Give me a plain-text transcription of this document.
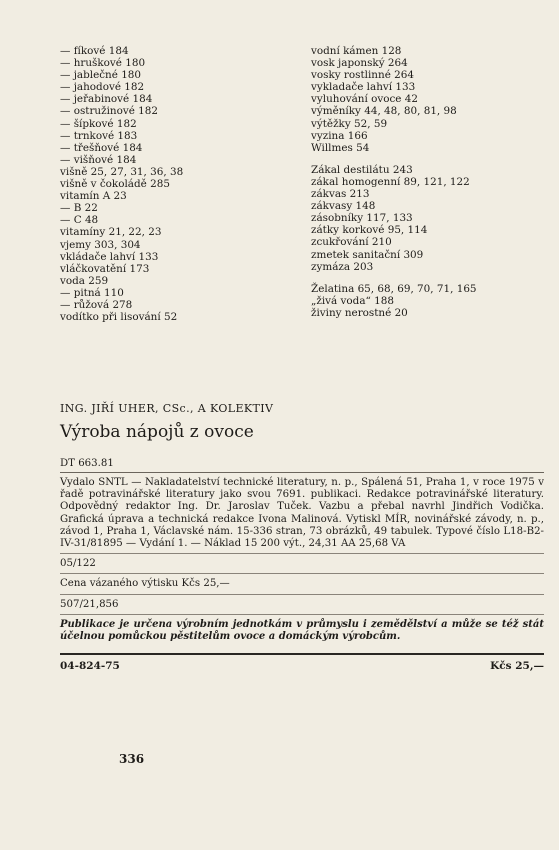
— fíkové 184
— hruškové 180
— jablečné 180
— jahodové 182
— jeřabinové 184
— ostružinové 182
— šípkové 182
— trnkové 183
— třešňové 184
— višňové 184
višně 25, 27, 31, 36, 38
višně v čokoládě 285
vitamín A 23
— B 22
— C 48
vitamíny 21, 22, 23
vjemy 303, 304
vkládače lahví 133
vláčkovatění 173
voda 259
— pitná 110
— růžová 278
vodítko při lisování 52
vodní kámen 128
vosk japonský 264
vosky rostlinné 264
vykladače lahví 133
vyluhování ovoce 42
výměníky 44, 48, 80, 81, 98
výtěžky 52, 59
vyzina 166
Willmes 54
Zákal destilátu 243
zákal homogenní 89, 121, 122
zákvas 213
zákvasy 148
zásobníky 117, 133
zátky korkové 95, 114
zcukřování 210
zmetek sanitační 309
zymáza 203
Želatina 65, 68, 69, 70, 71, 165
„živá voda“ 188
živiny nerostné 20
ING. JIŘÍ UHER, CSc., A KOLEKTIV
Výroba nápojů z ovoce
DT 663.81
Vydalo SNTL — Nakladatelství technické literatury, n. p., Spálená 51, Praha 1, v roce 1975 v řadě potravinářské literatury jako svou 7691. publikaci. Redakce potravinářské literatury. Odpovědný redaktor Ing. Dr. Jaroslav Tuček. Vazbu a přebal navrhl Jindřich Vodička. Grafická úprava a technická redakce Ivona Malinová. Vytiskl MÍR, novinářské závody, n. p., závod 1, Praha 1, Václavské nám. 15-336 stran, 73 obrázků, 49 tabulek. Typové číslo L18-B2-IV-31/81895 — Vydání 1. — Náklad 15 200 výt., 24,31 AA 25,68 VA
05/122
Cena vázaného výtisku Kčs 25,—
507/21,856
Publikace je určena výrobním jednotkám v průmyslu i zemědělství a může se též stát účelnou pomůckou pěstitelům ovoce a domáckým výrobcům.
04-824-75	Kčs 25,—
336
